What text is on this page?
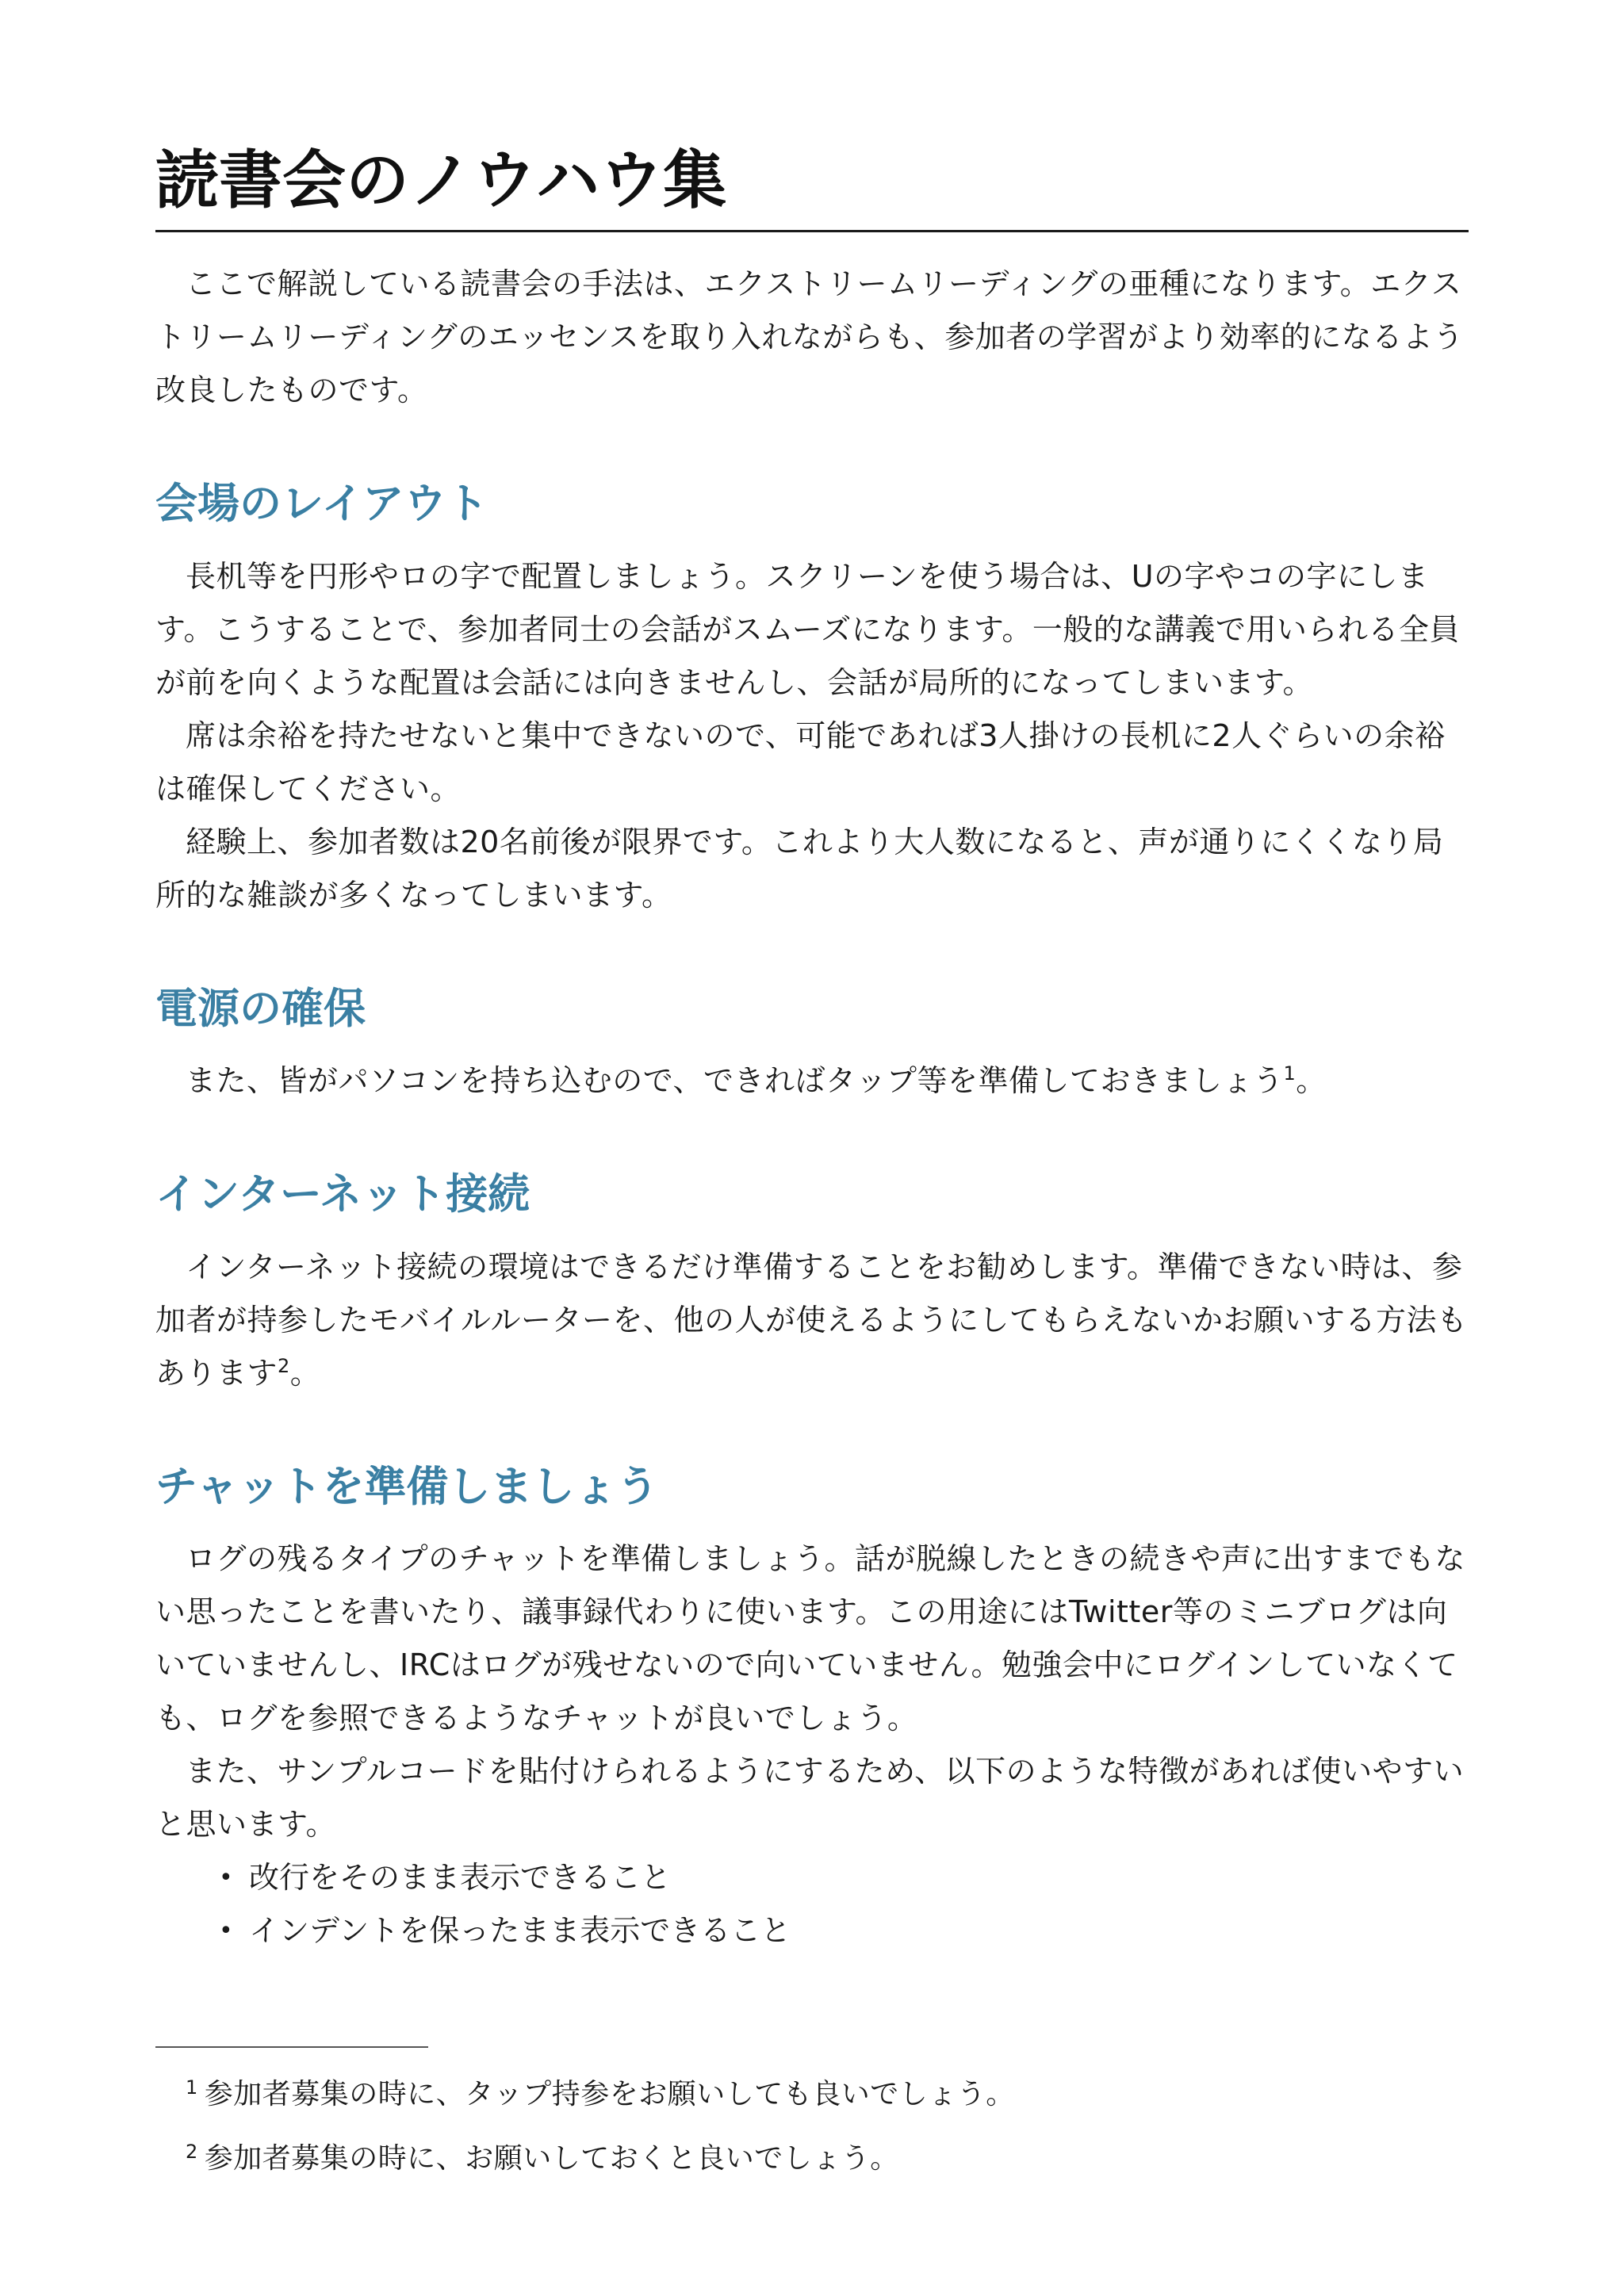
読書会のノウハウ集

ここで解説している読書会の手法は、エクストリームリーディングの亜種になります。エクストリームリーディングのエッセンスを取り入れながらも、参加者の学習がより効率的になるよう改良したものです。

会場のレイアウト

長机等を円形やロの字で配置しましょう。スクリーンを使う場合は、Uの字やコの字にします。こうすることで、参加者同士の会話がスムーズになります。一般的な講義で用いられる全員が前を向くような配置は会話には向きませんし、会話が局所的になってしまいます。

席は余裕を持たせないと集中できないので、可能であれば3人掛けの長机に2人ぐらいの余裕は確保してください。

経験上、参加者数は20名前後が限界です。これより大人数になると、声が通りにくくなり局所的な雑談が多くなってしまいます。

電源の確保

また、皆がパソコンを持ち込むので、できればタップ等を準備しておきましょう$^1$。

インターネット接続

インターネット接続の環境はできるだけ準備することをお勧めします。準備できない時は、参加者が持参したモバイルルーターを、他の人が使えるようにしてもらえないかお願いする方法もあります$^2$。

チャットを準備しましょう

ログの残るタイプのチャットを準備しましょう。話が脱線したときの続きや声に出すまでもない思ったことを書いたり、議事録代わりに使います。この用途にはTwitter等のミニブログは向いていませんし、IRCはログが残せないので向いていません。勉強会中にログインしていなくても、ログを参照できるようなチャットが良いでしょう。

また、サンプルコードを貼付けられるようにするため、以下のような特徴があれば使いやすいと思います。

• 改行をそのまま表示できること
• インデントを保ったまま表示できること

$^1$ 参加者募集の時に、タップ持参をお願いしても良いでしょう。

$^2$ 参加者募集の時に、お願いしておくと良いでしょう。
